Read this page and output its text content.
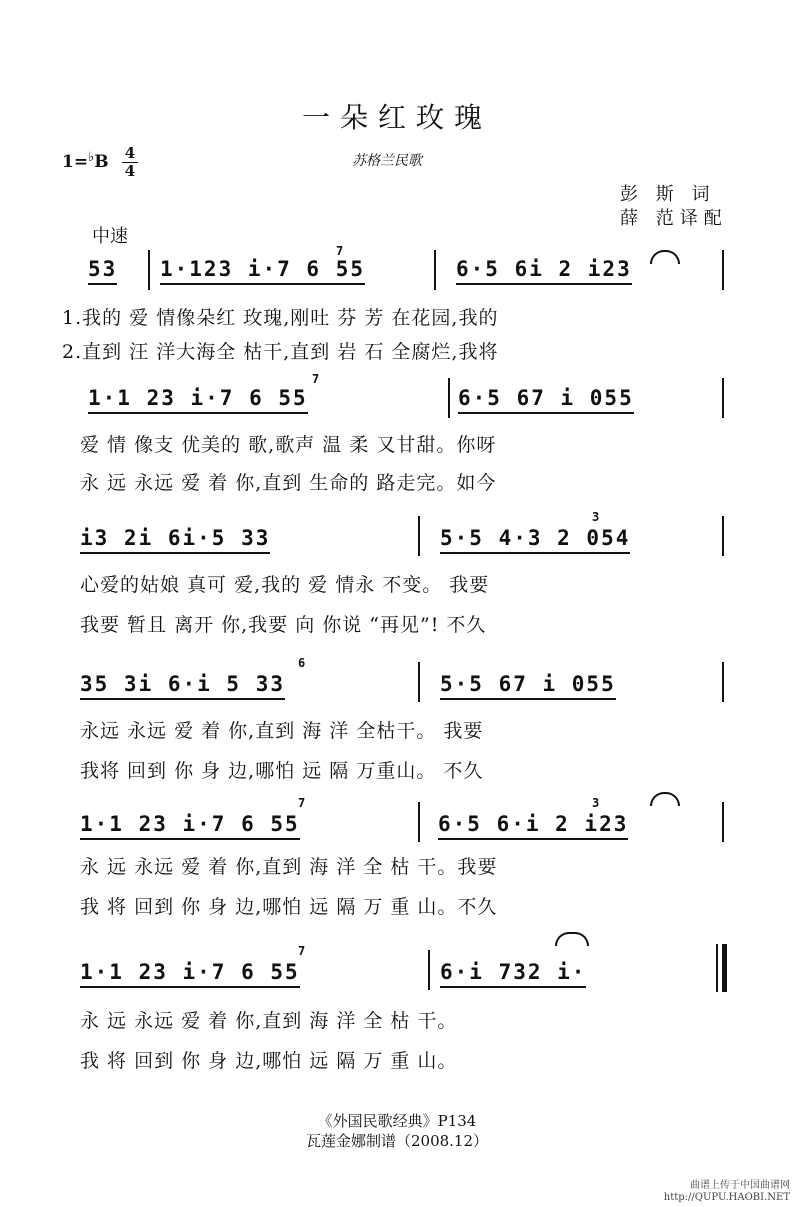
一朵红玫瑰
1=♭B	4
4
苏格兰民歌
彭 斯 词
薛 范译配
中速
53 1·123 i·7 6 55	6·5 6i 2 i23
7
1.我的 爱 情像朵红 玫瑰,刚吐 芬 芳 在花园,我的
2.直到 汪 洋大海全 枯干,直到 岩 石 全腐烂,我将
1·1 23 i·7 6 55	6·5 67 i 055
7
爱 情 像支 优美的 歌,歌声 温 柔 又甘甜。你呀
永 远 永远 爱 着 你,直到 生命的 路走完。如今
i3 2i 6i·5 33	5·5 4·3 2 054
3
心爱的姑娘 真可 爱,我的 爱 情永 不变。 我要
我要 暂且 离开 你,我要 向 你说 “再见”! 不久
35 3i 6·i 5 33	5·5 67 i 055
6
永远 永远 爱 着 你,直到 海 洋 全枯干。 我要
我将 回到 你 身 边,哪怕 远 隔 万重山。 不久
1·1 23 i·7 6 55	6·5 6·i 2 i23
7	3
永 远 永远 爱 着 你,直到 海 洋 全 枯 干。我要
我 将 回到 你 身 边,哪怕 远 隔 万 重 山。不久
1·1 23 i·7 6 55	6·i 732 i·
7
永 远 永远 爱 着 你,直到 海 洋 全 枯 干。
我 将 回到 你 身 边,哪怕 远 隔 万 重 山。
《外国民歌经典》P134
瓦莲金娜制谱（2008.12）
曲谱上传于中国曲谱网
http://QUPU.HAOBI.NET
